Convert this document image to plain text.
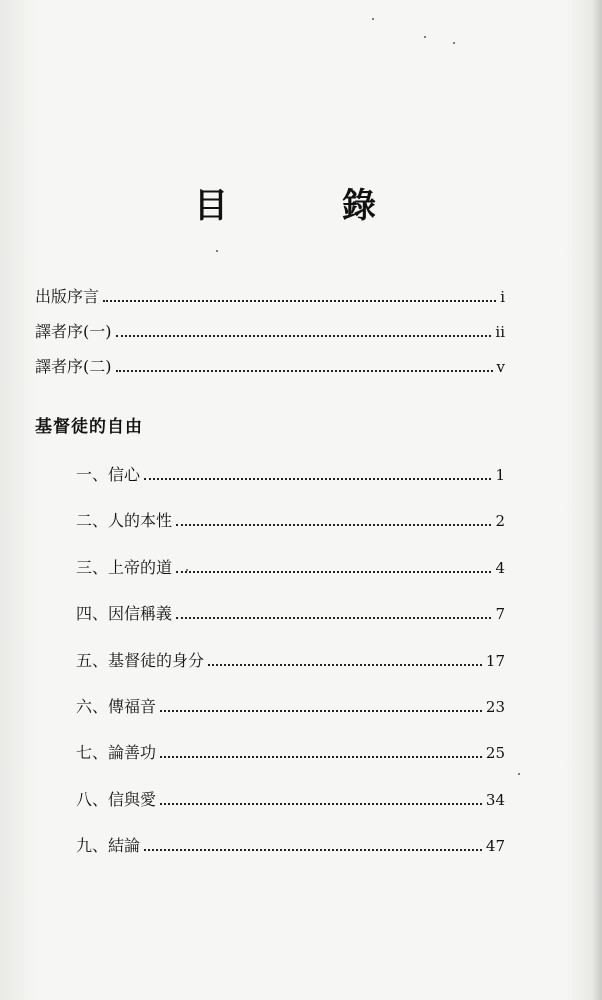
目　錄
出版序言	i
譯者序(一)	ii
譯者序(二)	v
基督徒的自由
一、信心	1
二、人的本性	2
三、上帝的道	4
四、因信稱義	7
五、基督徒的身分	17
六、傳福音	23
七、論善功	25
八、信與愛	34
九、結論	47
